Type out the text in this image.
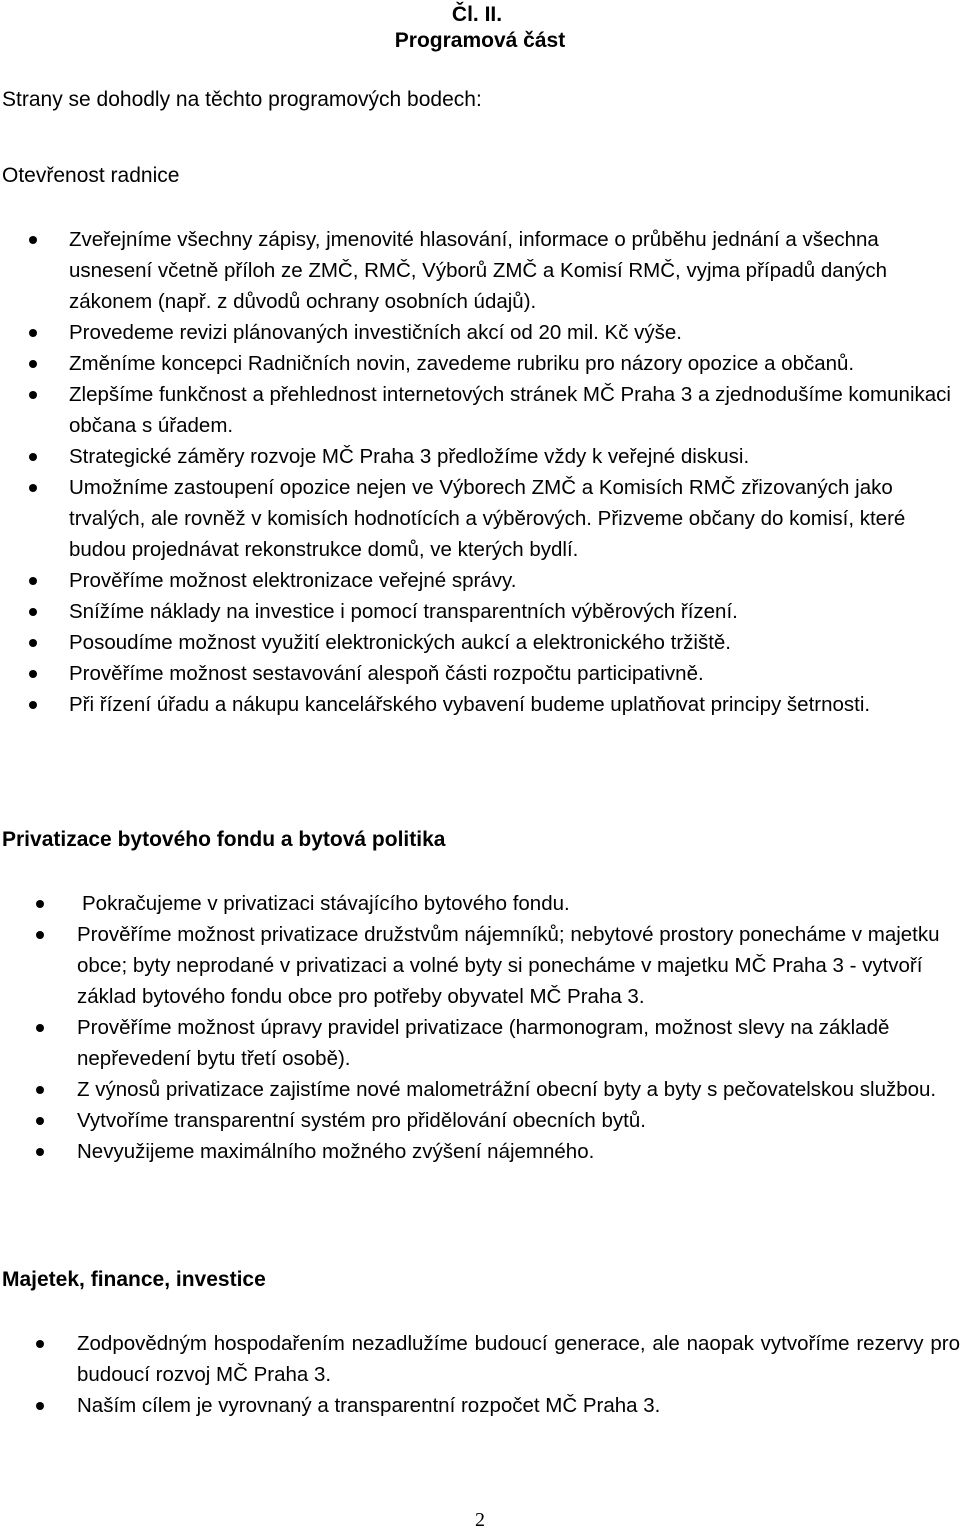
Čl. II.
Programová část
Strany se dohodly na těchto programových bodech:
Otevřenost radnice
Zveřejníme všechny zápisy, jmenovité hlasování, informace o průběhu jednání a všechna usnesení včetně příloh ze ZMČ, RMČ, Výborů ZMČ a Komisí RMČ, vyjma případů daných zákonem (např. z důvodů ochrany osobních údajů).
Provedeme revizi plánovaných investičních akcí od 20 mil. Kč výše.
Změníme koncepci Radničních novin, zavedeme rubriku pro názory opozice a občanů.
Zlepšíme funkčnost a přehlednost internetových stránek MČ Praha 3 a zjednodušíme komunikaci občana s úřadem.
Strategické záměry rozvoje MČ Praha 3 předložíme vždy k veřejné diskusi.
Umožníme zastoupení opozice nejen ve Výborech ZMČ a Komisích RMČ zřizovaných jako trvalých, ale rovněž v komisích hodnotících a výběrových. Přizveme občany do komisí, které budou projednávat rekonstrukce domů, ve kterých bydlí.
Prověříme možnost elektronizace veřejné správy.
Snížíme náklady na investice i pomocí transparentních výběrových řízení.
Posoudíme možnost využití elektronických aukcí a elektronického tržiště.
Prověříme možnost sestavování alespoň části rozpočtu participativně.
Při řízení úřadu a nákupu kancelářského vybavení budeme uplatňovat principy šetrnosti.
Privatizace bytového fondu a bytová politika
Pokračujeme v privatizaci stávajícího bytového fondu.
Prověříme možnost privatizace družstvům nájemníků; nebytové prostory ponecháme v majetku obce; byty neprodané v privatizaci a volné byty si ponecháme v majetku MČ Praha 3 - vytvoří základ bytového fondu obce pro potřeby obyvatel MČ Praha 3.
Prověříme možnost úpravy pravidel privatizace (harmonogram, možnost slevy na základě nepřevedení bytu třetí osobě).
Z výnosů privatizace zajistíme nové malometrážní obecní byty a byty s pečovatelskou službou.
Vytvoříme transparentní systém pro přidělování obecních bytů.
Nevyužijeme maximálního možného zvýšení nájemného.
Majetek, finance, investice
Zodpovědným hospodařením nezadlužíme budoucí generace, ale naopak vytvoříme rezervy pro budoucí rozvoj MČ Praha 3.
Naším cílem je vyrovnaný a transparentní rozpočet MČ Praha 3.
2
